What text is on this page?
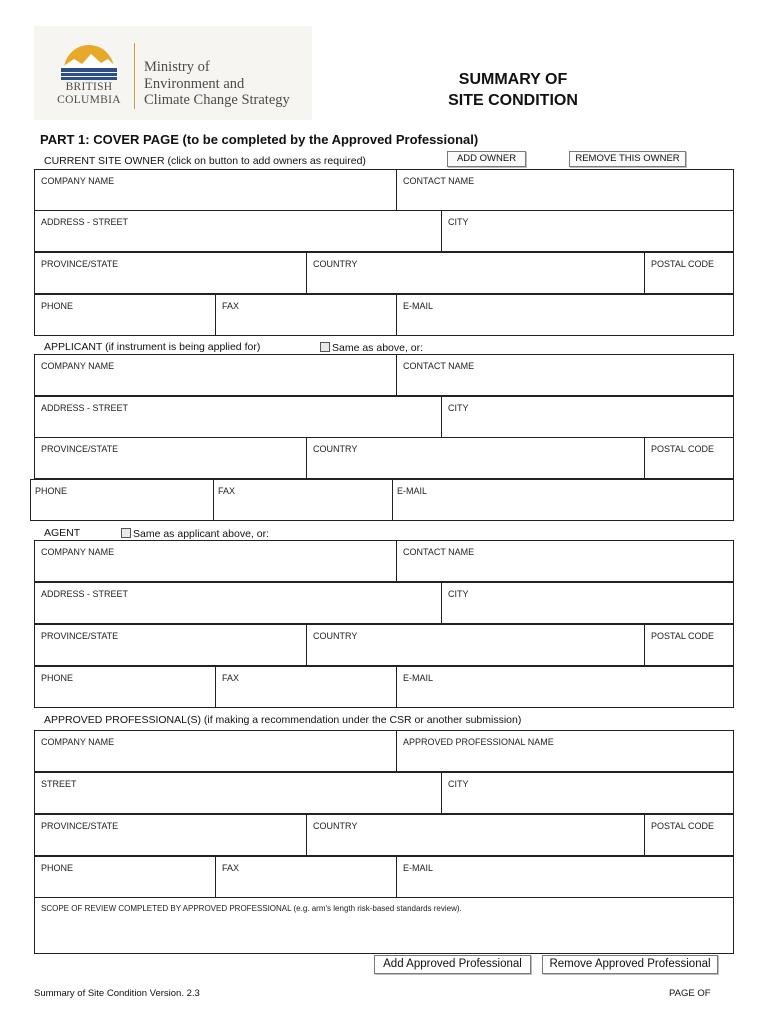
BRITISH
COLUMBIA
Ministry of
Environment and
Climate Change Strategy
SUMMARY OF
SITE CONDITION
PART 1: COVER PAGE (to be completed by the Approved Professional)
CURRENT SITE OWNER (click on button to add owners as required)	ADD OWNER	REMOVE THIS OWNER
COMPANY NAME	CONTACT NAME
ADDRESS - STREET	CITY
PROVINCE/STATE	COUNTRY	POSTAL CODE
PHONE	FAX	E-MAIL
APPLICANT (if instrument is being applied for)	Same as above, or:
COMPANY NAME	CONTACT NAME
ADDRESS - STREET	CITY
PROVINCE/STATE	COUNTRY	POSTAL CODE
PHONE	FAX	E-MAIL
AGENT	Same as applicant above, or:
COMPANY NAME	CONTACT NAME
ADDRESS - STREET	CITY
PROVINCE/STATE	COUNTRY	POSTAL CODE
PHONE	FAX	E-MAIL
APPROVED PROFESSIONAL(S) (if making a recommendation under the CSR or another submission)
COMPANY NAME	APPROVED PROFESSIONAL NAME
STREET	CITY
PROVINCE/STATE	COUNTRY	POSTAL CODE
PHONE	FAX	E-MAIL
SCOPE OF REVIEW COMPLETED BY APPROVED PROFESSIONAL (e.g. arm's length risk-based standards review).
Add Approved Professional	Remove Approved Professional
Summary of Site Condition Version. 2.3	PAGE OF
